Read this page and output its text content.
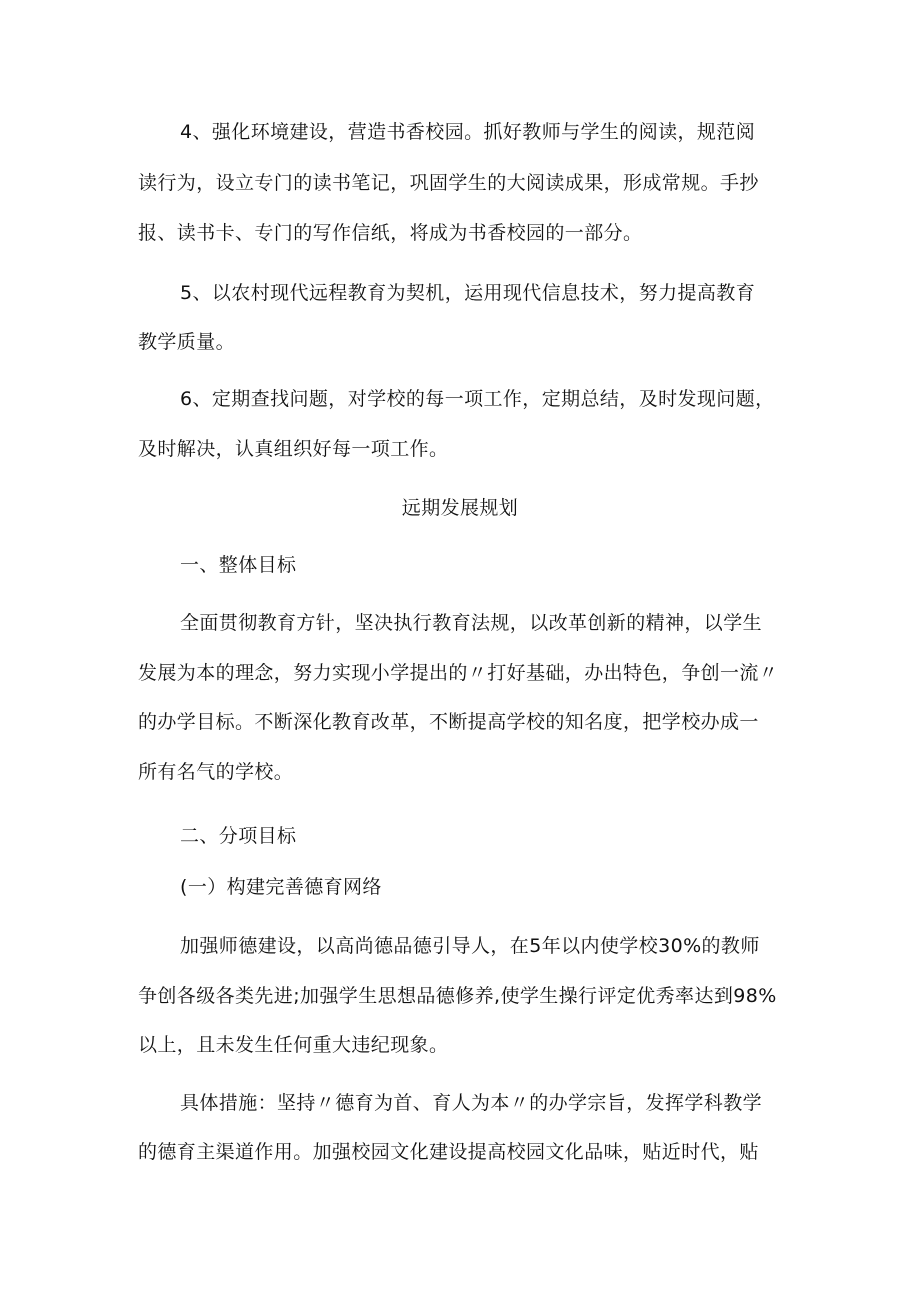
4、强化环境建设，营造书香校园。抓好教师与学生的阅读，规范阅
读行为，设立专门的读书笔记，巩固学生的大阅读成果，形成常规。手抄
报、读书卡、专门的写作信纸，将成为书香校园的一部分。
5、以农村现代远程教育为契机，运用现代信息技术，努力提高教育
教学质量。
6、定期查找问题，对学校的每一项工作，定期总结，及时发现问题，
及时解决，认真组织好每一项工作。
远期发展规划
一、整体目标
全面贯彻教育方针，坚决执行教育法规，以改革创新的精神，以学生
发展为本的理念，努力实现小学提出的〃打好基础，办出特色，争创一流〃
的办学目标。不断深化教育改革，不断提高学校的知名度，把学校办成一
所有名气的学校。
二、分项目标
(一）构建完善德育网络
加强师德建设，以高尚德品德引导人，在5年以内使学校30%的教师
争创各级各类先进;加强学生思想品德修养,使学生操行评定优秀率达到98%
以上，且未发生任何重大违纪现象。
具体措施：坚持〃德育为首、育人为本〃的办学宗旨，发挥学科教学
的德育主渠道作用。加强校园文化建设提高校园文化品味，贴近时代，贴
